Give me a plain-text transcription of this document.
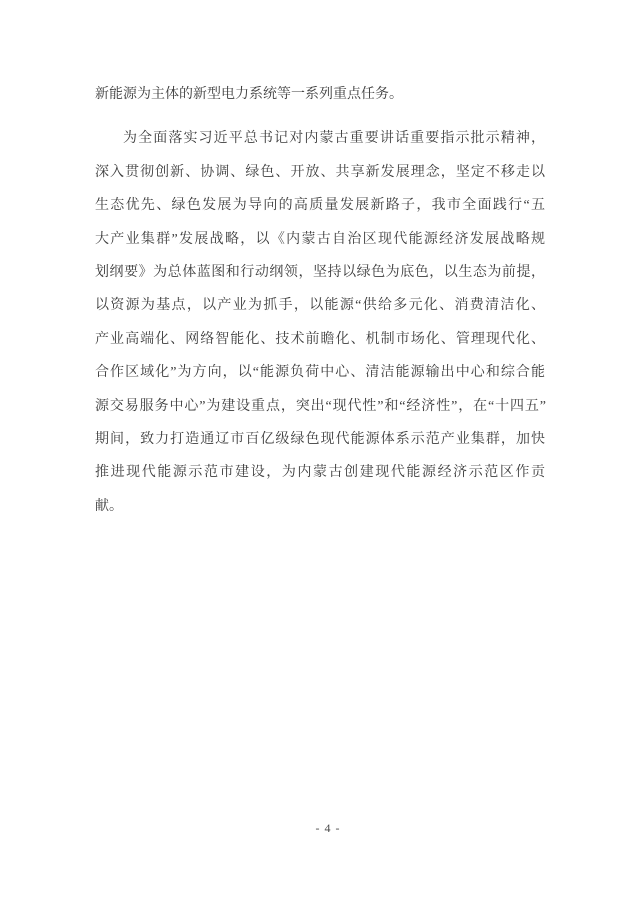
新能源为主体的新型电力系统等一系列重点任务。
为全面落实习近平总书记对内蒙古重要讲话重要指示批示精神，
深入贯彻创新、协调、绿色、开放、共享新发展理念，坚定不移走以
生态优先、绿色发展为导向的高质量发展新路子，我市全面践行“五
大产业集群”发展战略，以《内蒙古自治区现代能源经济发展战略规
划纲要》为总体蓝图和行动纲领，坚持以绿色为底色，以生态为前提，
以资源为基点，以产业为抓手，以能源“供给多元化、消费清洁化、
产业高端化、网络智能化、技术前瞻化、机制市场化、管理现代化、
合作区域化”为方向，以“能源负荷中心、清洁能源输出中心和综合能
源交易服务中心”为建设重点，突出“现代性”和“经济性”，在“十四五”
期间，致力打造通辽市百亿级绿色现代能源体系示范产业集群，加快
推进现代能源示范市建设，为内蒙古创建现代能源经济示范区作贡
献。
- 4 -
